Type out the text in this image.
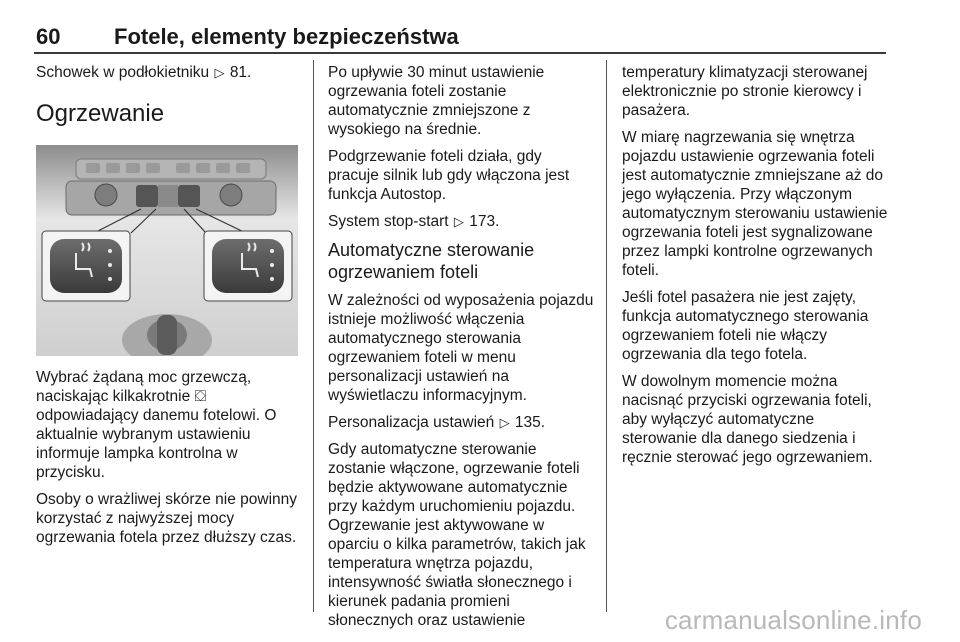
60 Fotele, elementy bezpieczeństwa

Schowek w podłokietniku ▷ 81.

Ogrzewanie

Wybrać żądaną moc grzewczą, naciskając kilkakrotnie ⛋ odpowiadający danemu fotelowi. O aktualnie wybranym ustawieniu informuje lampka kontrolna w przycisku.

Osoby o wrażliwej skórze nie powinny korzystać z najwyższej mocy ogrzewania fotela przez dłuższy czas.

Po upływie 30 minut ustawienie ogrzewania foteli zostanie automatycznie zmniejszone z wysokiego na średnie.

Podgrzewanie foteli działa, gdy pracuje silnik lub gdy włączona jest funkcja Autostop.

System stop-start ▷ 173.

Automatyczne sterowanie ogrzewaniem foteli

W zależności od wyposażenia pojazdu istnieje możliwość włączenia automatycznego sterowania ogrzewaniem foteli w menu personalizacji ustawień na wyświetlaczu informacyjnym.

Personalizacja ustawień ▷ 135.

Gdy automatyczne sterowanie zostanie włączone, ogrzewanie foteli będzie aktywowane automatycznie przy każdym uruchomieniu pojazdu. Ogrzewanie jest aktywowane w oparciu o kilka parametrów, takich jak temperatura wnętrza pojazdu, intensywność światła słonecznego i kierunek padania promieni słonecznych oraz ustawienie

temperatury klimatyzacji sterowanej elektronicznie po stronie kierowcy i pasażera.

W miarę nagrzewania się wnętrza pojazdu ustawienie ogrzewania foteli jest automatycznie zmniejszane aż do jego wyłączenia. Przy włączonym automatycznym sterowaniu ustawienie ogrzewania foteli jest sygnalizowane przez lampki kontrolne ogrzewanych foteli.

Jeśli fotel pasażera nie jest zajęty, funkcja automatycznego sterowania ogrzewaniem foteli nie włączy ogrzewania dla tego fotela.

W dowolnym momencie można nacisnąć przyciski ogrzewania foteli, aby wyłączyć automatyczne sterowanie dla danego siedzenia i ręcznie sterować jego ogrzewaniem.

carmanualsonline.info
